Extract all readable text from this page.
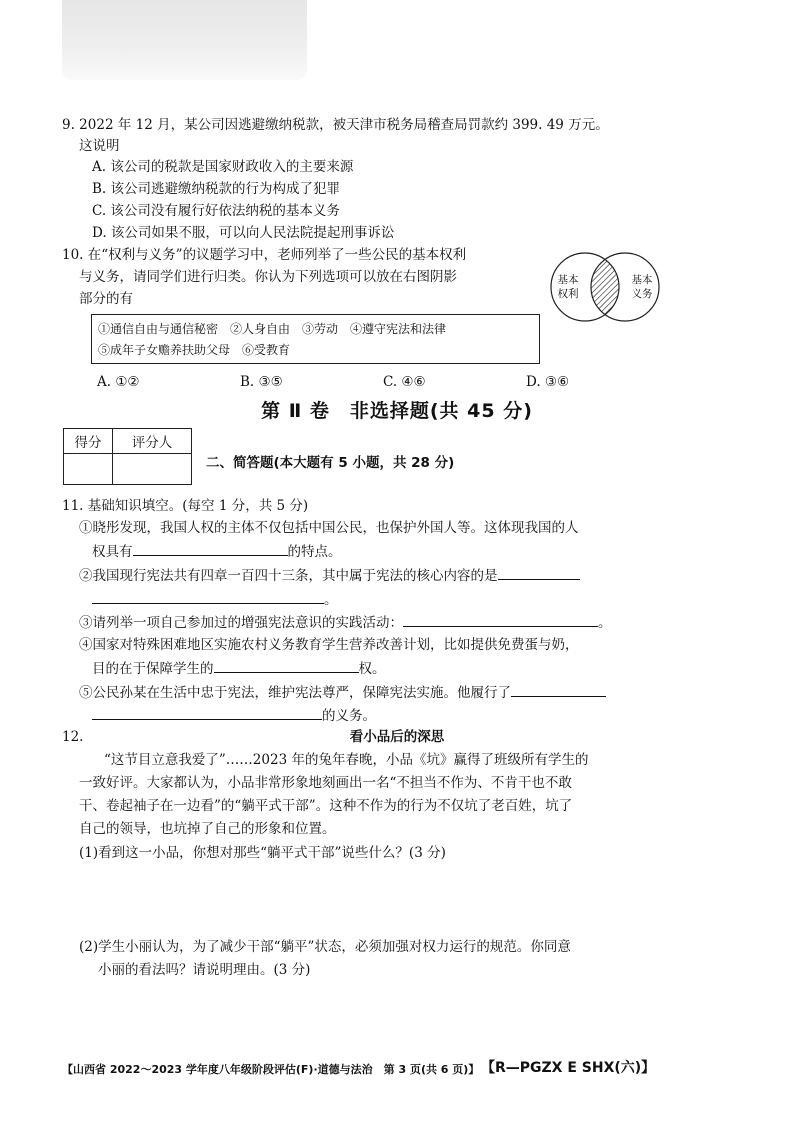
9. 2022 年 12 月，某公司因逃避缴纳税款，被天津市税务局稽查局罚款约 399. 49 万元。
这说明
A. 该公司的税款是国家财政收入的主要来源
B. 该公司逃避缴纳税款的行为构成了犯罪
C. 该公司没有履行好依法纳税的基本义务
D. 该公司如果不服，可以向人民法院提起刑事诉讼
10. 在“权利与义务”的议题学习中，老师列举了一些公民的基本权利
与义务，请同学们进行归类。你认为下列选项可以放在右图阴影
部分的有
基本权利
基本义务
①通信自由与通信秘密　②人身自由　③劳动　④遵守宪法和法律
⑤成年子女赡养扶助父母　⑥受教育
A. ①②	B. ③⑤	C. ④⑥	D. ③⑥
第 Ⅱ 卷　非选择题(共 45 分)
得分	评分人

二、简答题(本大题有 5 小题，共 28 分)
11. 基础知识填空。(每空 1 分，共 5 分)
①晓彤发现，我国人权的主体不仅包括中国公民，也保护外国人等。这体现我国的人
权具有	的特点。
②我国现行宪法共有四章一百四十三条，其中属于宪法的核心内容的是
。
③请列举一项自己参加过的增强宪法意识的实践活动：	。
④国家对特殊困难地区实施农村义务教育学生营养改善计划，比如提供免费蛋与奶，
目的在于保障学生的	权。
⑤公民孙某在生活中忠于宪法，维护宪法尊严，保障宪法实施。他履行了
的义务。
12.	看小品后的深思
“这节目立意我爱了”……2023 年的兔年春晚，小品《坑》赢得了班级所有学生的
一致好评。大家都认为，小品非常形象地刻画出一名“不担当不作为、不肯干也不敢
干、卷起袖子在一边看”的“躺平式干部”。这种不作为的行为不仅坑了老百姓，坑了
自己的领导，也坑掉了自己的形象和位置。
(1)看到这一小品，你想对那些“躺平式干部”说些什么？(3 分)
(2)学生小丽认为，为了减少干部“躺平”状态，必须加强对权力运行的规范。你同意
小丽的看法吗？请说明理由。(3 分)
【山西省 2022～2023 学年度八年级阶段评估(F)·道德与法治　第 3 页(共 6 页)】 【R—PGZX E SHX(六)】
